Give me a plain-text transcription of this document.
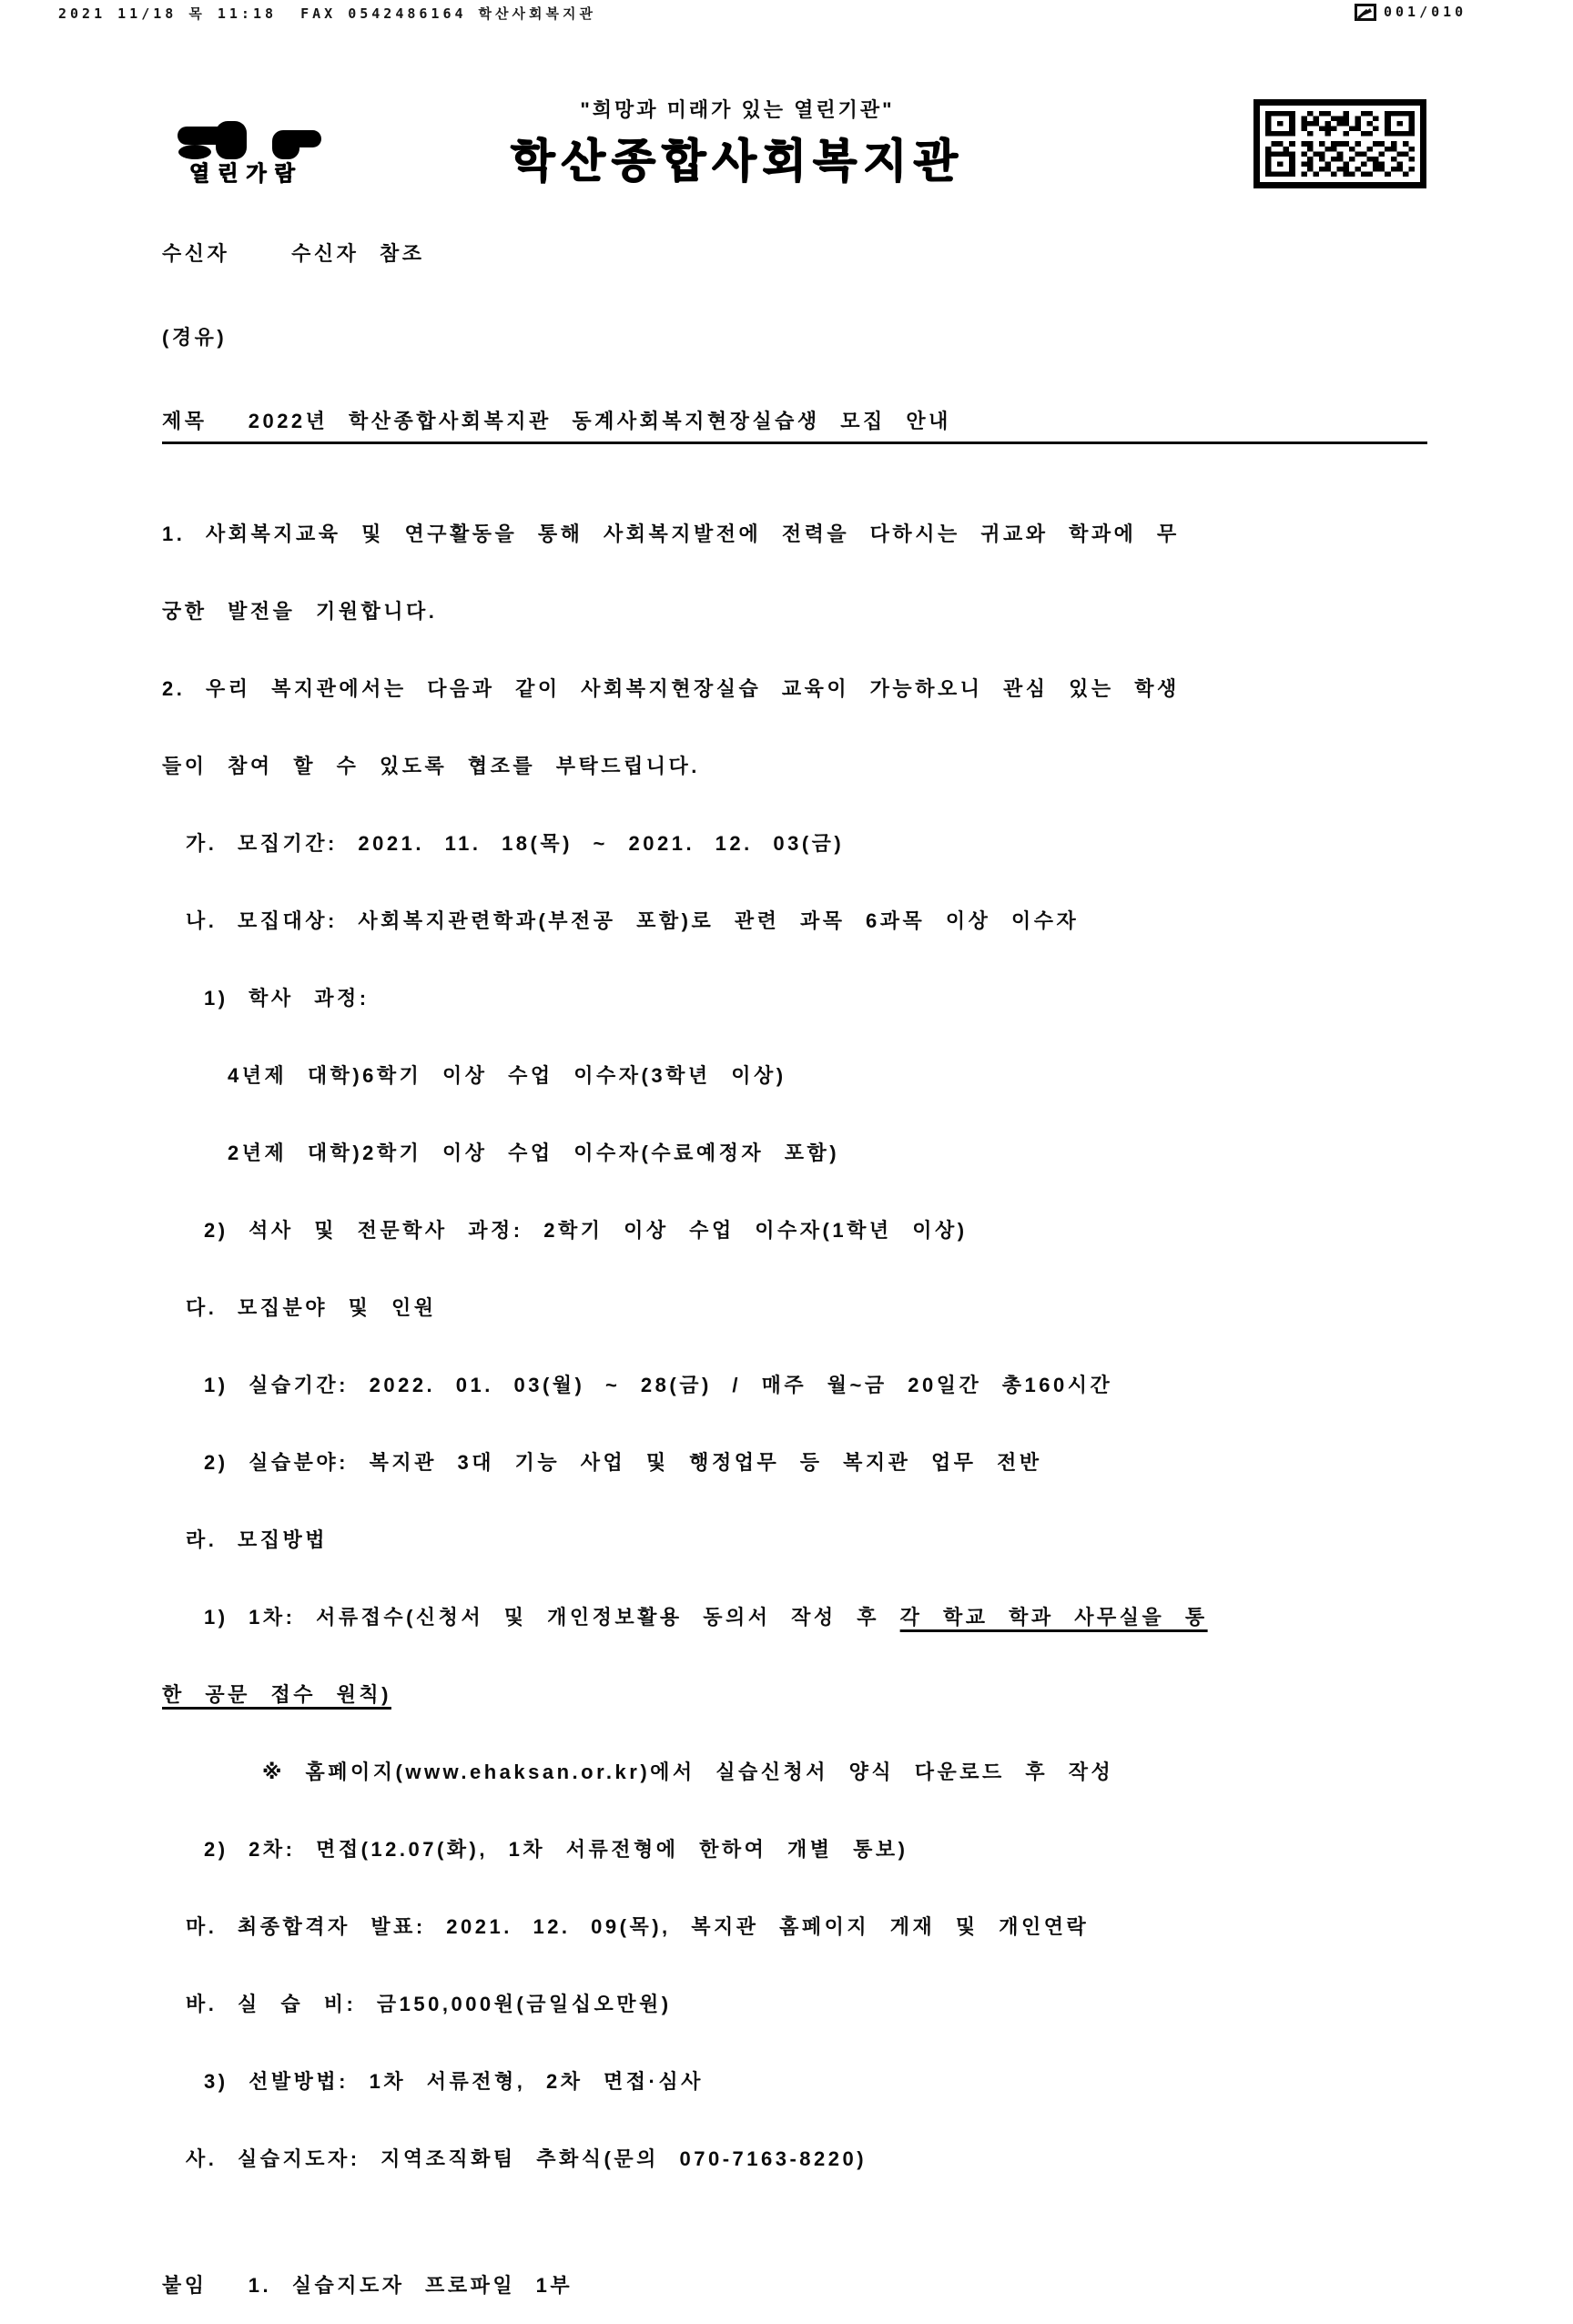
2021 11/18 목 11:18  FAX 0542486164 학산사회복지관	001/010
열린가람
"희망과 미래가 있는 열린기관"
학산종합사회복지관

수신자   수신자 참조

(경유)

제목  2022년 학산종합사회복지관 동계사회복지현장실습생 모집 안내

1. 사회복지교육 및 연구활동을 통해 사회복지발전에 전력을 다하시는 귀교와 학과에 무

궁한 발전을 기원합니다.

2. 우리 복지관에서는 다음과 같이 사회복지현장실습 교육이 가능하오니 관심 있는 학생

들이 참여 할 수 있도록 협조를 부탁드립니다.

가. 모집기간: 2021. 11. 18(목) ~ 2021. 12. 03(금)

나. 모집대상: 사회복지관련학과(부전공 포함)로 관련 과목 6과목 이상 이수자

1) 학사 과정:

4년제 대학)6학기 이상 수업 이수자(3학년 이상)

2년제 대학)2학기 이상 수업 이수자(수료예정자 포함)

2) 석사 및 전문학사 과정: 2학기 이상 수업 이수자(1학년 이상)

다. 모집분야 및 인원

1) 실습기간: 2022. 01. 03(월) ~ 28(금) / 매주 월~금 20일간 총160시간

2) 실습분야: 복지관 3대 기능 사업 및 행정업무 등 복지관 업무 전반

라. 모집방법

1) 1차: 서류접수(신청서 및 개인정보활용 동의서 작성 후 각 학교 학과 사무실을 통

한 공문 접수 원칙)

※ 홈페이지(www.ehaksan.or.kr)에서 실습신청서 양식 다운로드 후 작성

2) 2차: 면접(12.07(화), 1차 서류전형에 한하여 개별 통보)

마. 최종합격자 발표: 2021. 12. 09(목), 복지관 홈페이지 게재 및 개인연락

바. 실 습 비: 금150,000원(금일십오만원)

3) 선발방법: 1차 서류전형, 2차 면접·심사

사. 실습지도자: 지역조직화팀 추화식(문의 070-7163-8220)

붙임  1. 실습지도자 프로파일 1부
